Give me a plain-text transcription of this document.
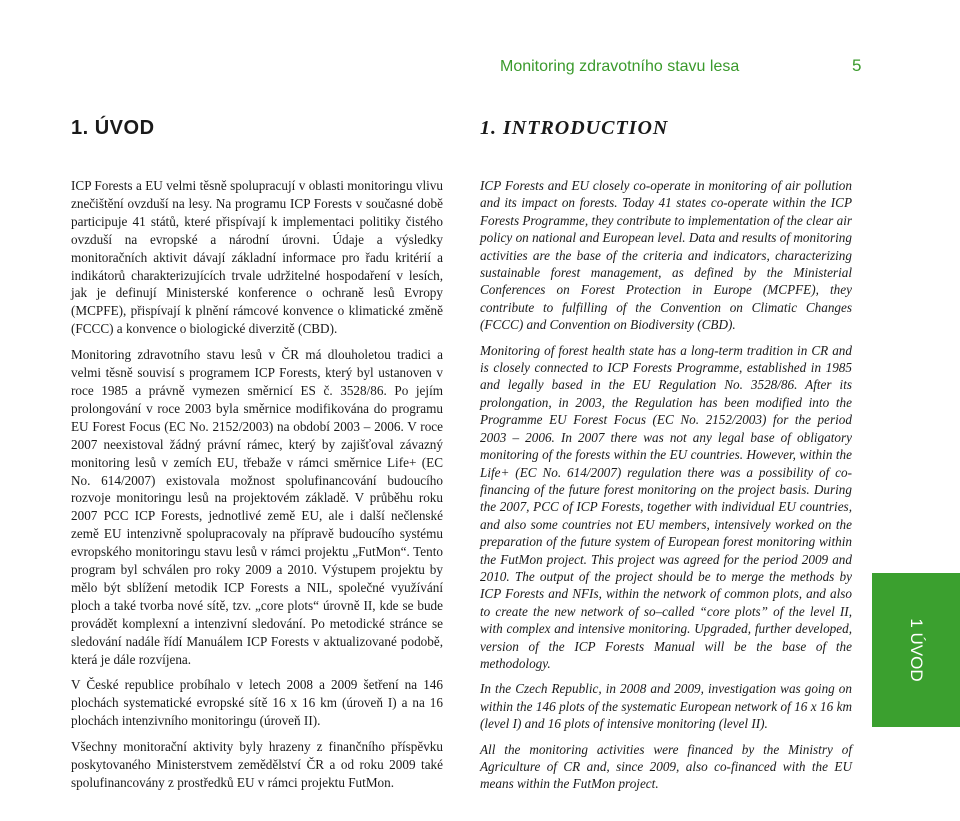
Monitoring zdravotního stavu lesa	5
1. ÚVOD	1. INTRODUCTION

ICP Forests a EU velmi těsně spolupracují v oblasti monitoringu vlivu znečištění ovzduší na lesy. Na programu ICP Forests v současné době participuje 41 států, které přispívají k implementaci politiky čistého ovzduší na evropské a národní úrovni. Údaje a výsledky monitoračních aktivit dávají základní informace pro řadu kritérií a indikátorů charakterizujících trvale udržitelné hospodaření v lesích, jak je definují Ministerské konference o ochraně lesů Evropy (MCPFE), přispívají k plnění rámcové konvence o klimatické změně (FCCC) a konvence o biologické diverzitě (CBD).

Monitoring zdravotního stavu lesů v ČR má dlouholetou tradici a velmi těsně souvisí s programem ICP Forests, který byl ustanoven v roce 1985 a právně vymezen směrnicí ES č. 3528/86. Po jejím prolongování v roce 2003 byla směrnice modifikována do programu EU Forest Focus (EC No. 2152/2003) na období 2003 – 2006. V roce 2007 neexistoval žádný právní rámec, který by zajišťoval závazný monitoring lesů v zemích EU, třebaže v rámci směrnice Life+ (EC No. 614/2007) existovala možnost spolufinancování budoucího rozvoje monitoringu lesů na projektovém základě. V průběhu roku 2007 PCC ICP Forests, jednotlivé země EU, ale i další nečlenské země EU intenzivně spolupracovaly na přípravě budoucího systému evropského monitoringu stavu lesů v rámci projektu „FutMon“. Tento program byl schválen pro roky 2009 a 2010. Výstupem projektu by mělo být sblížení metodik ICP Forests a NIL, společné využívání ploch a také tvorba nové sítě, tzv. „core plots“ úrovně II, kde se bude provádět komplexní a intenzivní sledování. Po metodické stránce se sledování nadále řídí Manuálem ICP Forests v aktualizované podobě, která je dále rozvíjena.

V České republice probíhalo v letech 2008 a 2009 šetření na 146 plochách systematické evropské sítě 16 x 16 km (úroveň I) a na 16 plochách intenzivního monitoringu (úroveň II).

Všechny monitorační aktivity byly hrazeny z finančního příspěvku poskytovaného Ministerstvem zemědělství ČR a od roku 2009 také spolufinancovány z prostředků EU v rámci projektu FutMon.

ICP Forests and EU closely co-operate in monitoring of air pollution and its impact on forests. Today 41 states co-operate within the ICP Forests Programme, they contribute to implementation of the clear air policy on national and European level. Data and results of monitoring activities are the base of the criteria and indicators, characterizing sustainable forest management, as defined by the Ministerial Conferences on Forest Protection in Europe (MCPFE), they contribute to fulfilling of the Convention on Climatic Changes (FCCC) and Convention on Biodiversity (CBD).

Monitoring of forest health state has a long-term tradition in CR and is closely connected to ICP Forests Programme, established in 1985 and legally based in the EU Regulation No. 3528/86. After its prolongation, in 2003, the Regulation has been modified into the Programme EU Forest Focus (EC No. 2152/2003) for the period 2003 – 2006. In 2007 there was not any legal base of obligatory monitoring of the forests within the EU countries. However, within the Life+ (EC No. 614/2007) regulation there was a possibility of co-financing of the future forest monitoring on the project basis. During the 2007, PCC of ICP Forests, together with individual EU countries, and also some countries not EU members, intensively worked on the preparation of the future system of European forest monitoring within the FutMon project. This project was agreed for the period 2009 and 2010. The output of the project should be to merge the methods by ICP Forests and NFIs, within the network of common plots, and also to create the new network of so–called “core plots” of the level II, with complex and intensive monitoring. Upgraded, further developed, version of the ICP Forests Manual will be the base of the methodology.

In the Czech Republic, in 2008 and 2009, investigation was going on within the 146 plots of the systematic European network of 16 x 16 km (level I) and 16 plots of intensive monitoring (level II).

All the monitoring activities were financed by the Ministry of Agriculture of CR and, since 2009, also co-financed with the EU means within the FutMon project.

1 ÚVOD
